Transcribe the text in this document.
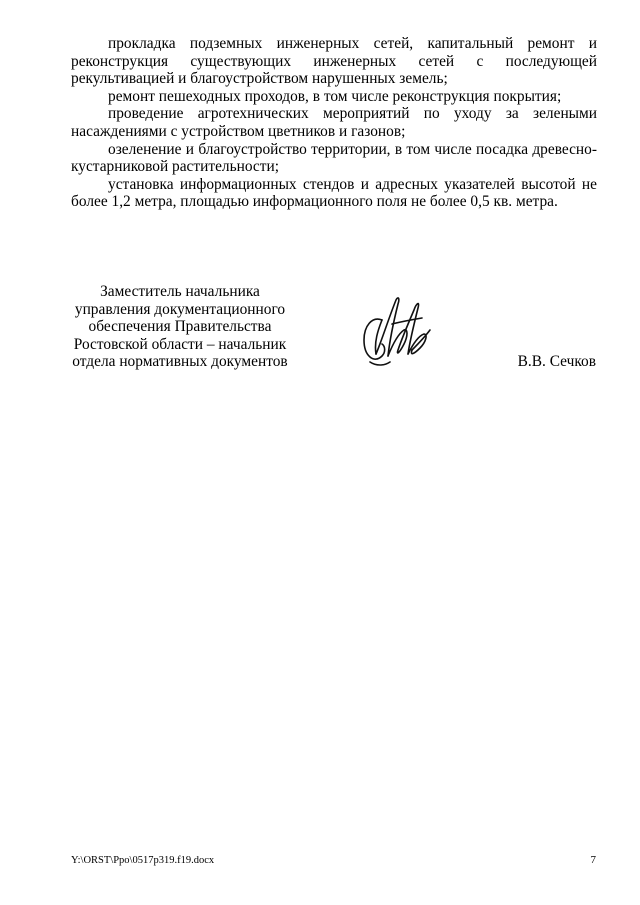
прокладка подземных инженерных сетей, капитальный ремонт и реконструкция существующих инженерных сетей с последующей рекультивацией и благоустройством нарушенных земель;

ремонт пешеходных проходов, в том числе реконструкция покрытия;

проведение агротехнических мероприятий по уходу за зелеными насаждениями с устройством цветников и газонов;

озеленение и благоустройство территории, в том числе посадка древесно-кустарниковой растительности;

установка информационных стендов и адресных указателей высотой не более 1,2 метра, площадью информационного поля не более 0,5 кв. метра.

Заместитель начальника
управления документационного
обеспечения Правительства
Ростовской области – начальник
отдела нормативных документов	В.В. Сечков
Y:\ORST\Ppo\0517p319.f19.docx	7
